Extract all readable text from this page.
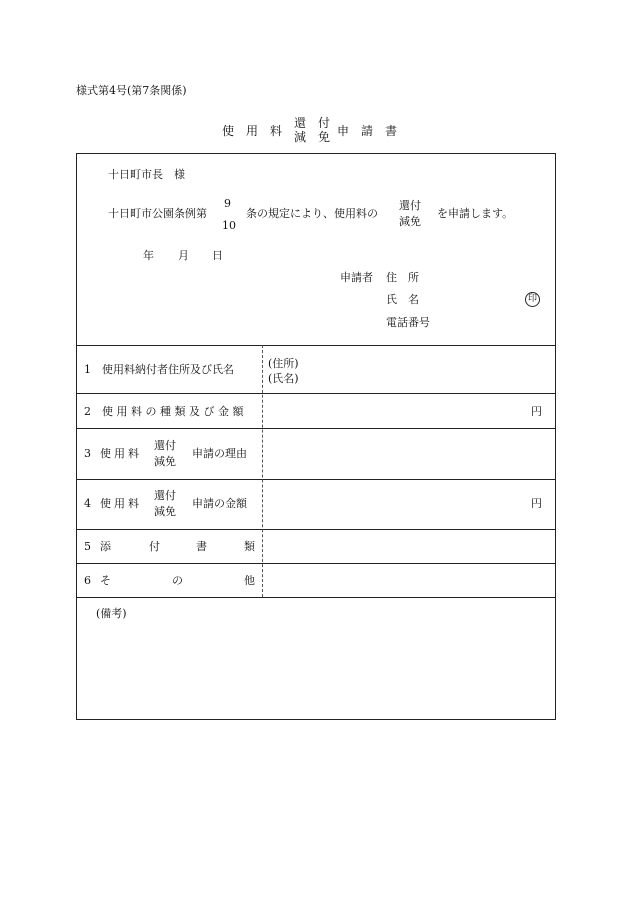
様式第4号(第7条関係)
使　用　料
還　付
減　免 申　請　書
十日町市長　様
十日町市公園条例第
9
10
条の規定により、使用料の
還付
減免
を申請します。
年 月 日
申請者 住　所
氏　名	印
電話番号
1　使用料納付者住所及び氏名	(住所)
(氏名)
2　使 用 料 の 種 類 及 び 金 額	円
3 使用料
還付
減免
申請の理由
4 使用料
還付
減免
申請の金額	円
5 添	付	書	類
6 そ	の	他
(備考)
